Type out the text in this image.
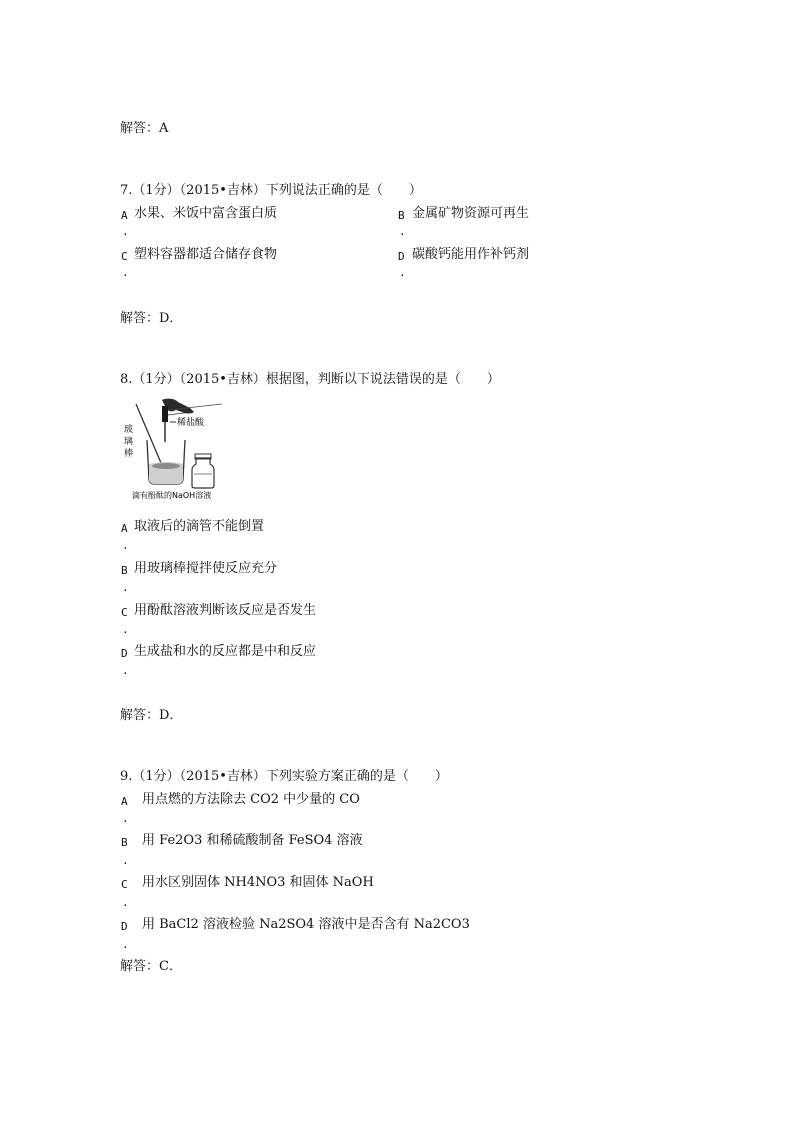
解答：A
7.（1分）（2015•吉林）下列说法正确的是（　　）
A 水果、米饭中富含蛋白质
.
B 金属矿物资源可再生
.
C 塑料容器都适合储存食物
.
D 碳酸钙能用作补钙剂
.
解答：D．
8.（1分）（2015•吉林）根据图，判断以下说法错误的是（　　）
玻
璃
棒
稀盐酸
滴有酚酞的NaOH溶液
A 取液后的滴管不能倒置
.
B 用玻璃棒搅拌使反应充分
.
C 用酚酞溶液判断该反应是否发生
.
D 生成盐和水的反应都是中和反应
.
解答：D．
9.（1分）（2015•吉林）下列实验方案正确的是（　　）
A 用点燃的方法除去 CO2 中少量的 CO
.
B 用 Fe2O3 和稀硫酸制备 FeSO4 溶液
.
C 用水区别固体 NH4NO3 和固体 NaOH
.
D 用 BaCl2 溶液检验 Na2SO4 溶液中是否含有 Na2CO3
.
解答：C．
